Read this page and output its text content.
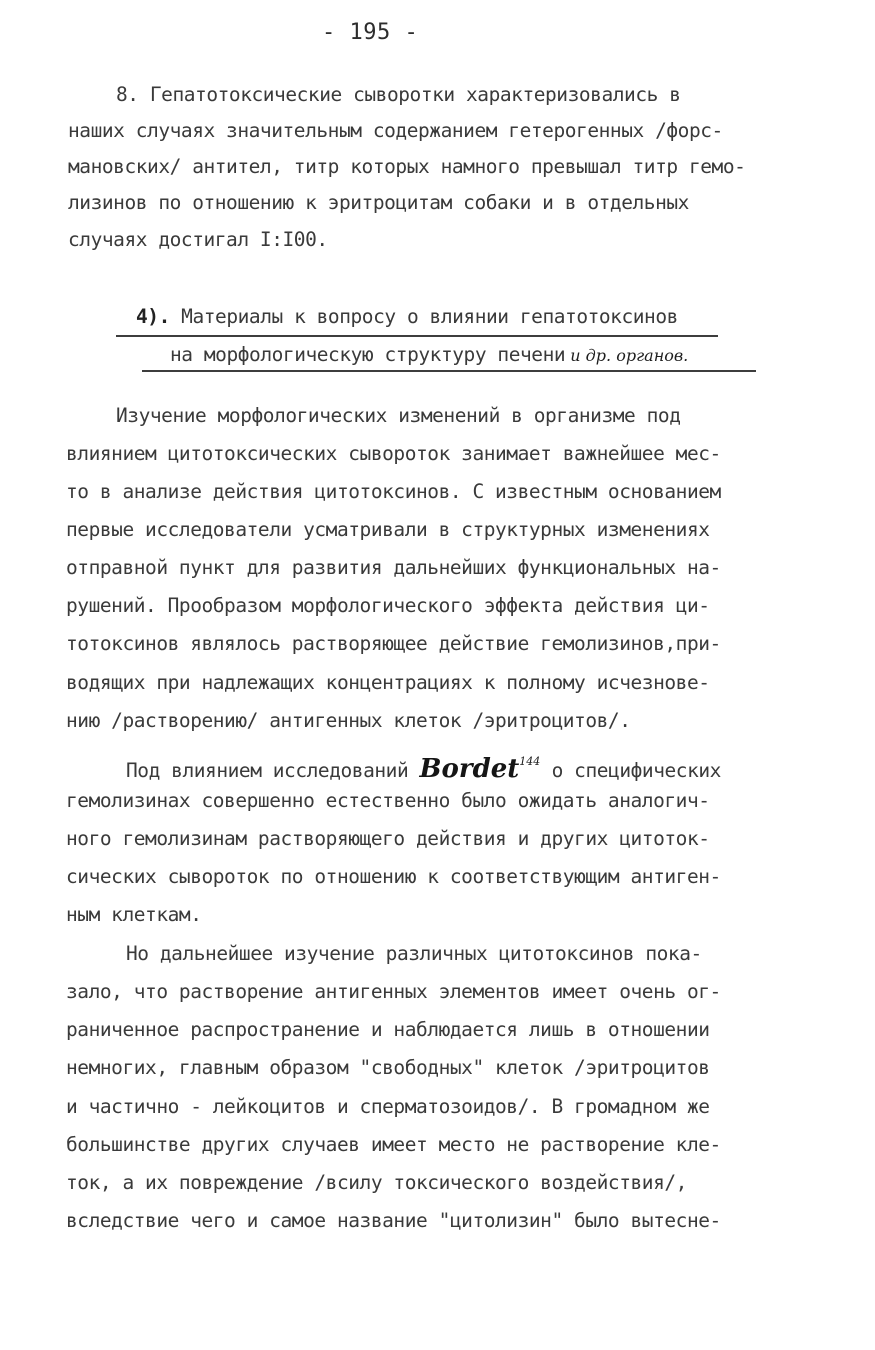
- 195 -
8. Гепатотоксические сыворотки характеризовались в
наших случаях значительным содержанием гетерогенных /форс-
мановских/ антител, титр которых намного превышал титр гемо-
лизинов по отношению к эритроцитам собаки и в отдельных
случаях достигал I:I00.
4). Материалы к вопросу о влиянии гепатотоксинов
на морфологическую структуру печени и др. органов.
Изучение морфологических изменений в организме под
влиянием цитотоксических сывороток занимает важнейшее мес-
то в анализе действия цитотоксинов. С известным основанием
первые исследователи усматривали в структурных изменениях
отправной пункт для развития дальнейших функциональных на-
рушений. Прообразом морфологического эффекта действия ци-
тотоксинов являлось растворяющее действие гемолизинов,при-
водящих при надлежащих концентрациях к полному исчезнове-
нию /растворению/ антигенных клеток /эритроцитов/.
Под влиянием исследований Bordet$^{144}$ о специфических
гемолизинах совершенно естественно было ожидать аналогич-
ного гемолизинам растворяющего действия и других цитоток-
сических сывороток по отношению к соответствующим антиген-
ным клеткам.
Но дальнейшее изучение различных цитотоксинов пока-
зало, что растворение антигенных элементов имеет очень ог-
раниченное распространение и наблюдается лишь в отношении
немногих, главным образом "свободных" клеток /эритроцитов
и частично - лейкоцитов и сперматозоидов/. В громадном же
большинстве других случаев имеет место не растворение кле-
ток, а их повреждение /всилу токсического воздействия/,
вследствие чего и самое название "цитолизин" было вытесне-
